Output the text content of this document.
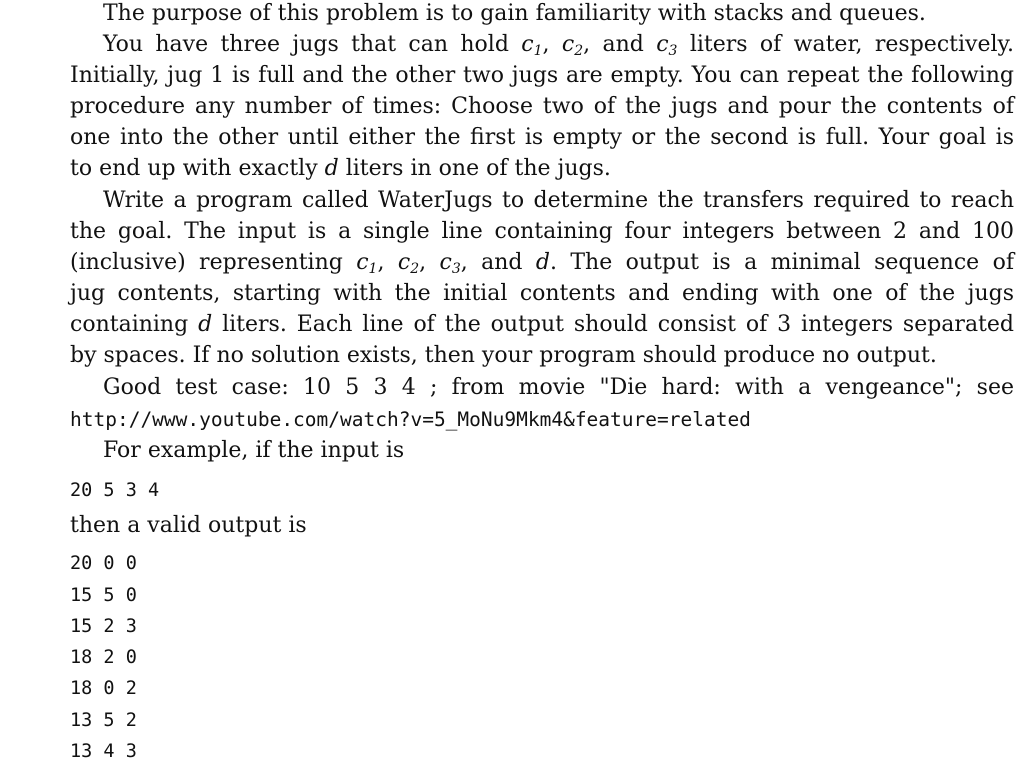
The purpose of this problem is to gain familiarity with stacks and queues.
You have three jugs that can hold $c_1$, $c_2$, and $c_3$ liters of water, respectively.
Initially, jug 1 is full and the other two jugs are empty. You can repeat the following
procedure any number of times: Choose two of the jugs and pour the contents of
one into the other until either the first is empty or the second is full. Your goal is
to end up with exactly d liters in one of the jugs.
Write a program called WaterJugs to determine the transfers required to reach
the goal. The input is a single line containing four integers between 2 and 100
(inclusive) representing $c_1$, $c_2$, $c_3$, and d. The output is a minimal sequence of
jug contents, starting with the initial contents and ending with one of the jugs
containing d liters. Each line of the output should consist of 3 integers separated
by spaces. If no solution exists, then your program should produce no output.
Good test case: 10 5 3 4 ; from movie "Die hard: with a vengeance"; see
http://www.youtube.com/watch?v=5_MoNu9Mkm4&feature=related
For example, if the input is
20 5 3 4
then a valid output is
20 0 0
15 5 0
15 2 3
18 2 0
18 0 2
13 5 2
13 4 3
